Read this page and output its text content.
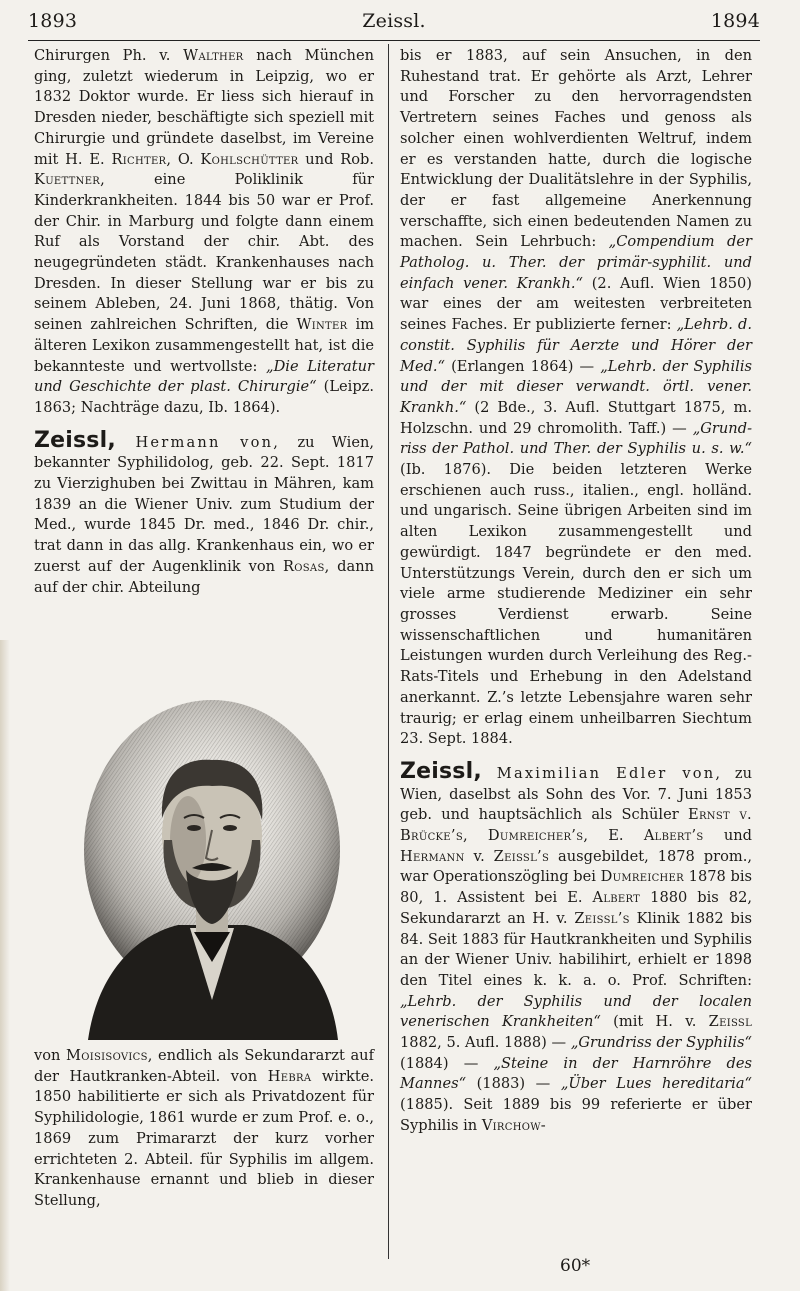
1893	Zeissl.	1894

Chirurgen Ph. v. Walther nach München ging, zuletzt wiederum in Leipzig, wo er 1832 Doktor wurde. Er liess sich hierauf in Dresden nieder, beschäftigte sich speziell mit Chirurgie und gründete daselbst, im Vereine mit H. E. Richter, O. Kohlschütter und Rob. Kuettner, eine Poliklinik für Kinderkrankheiten. 1844 bis 50 war er Prof. der Chir. in Marburg und folgte dann einem Ruf als Vorstand der chir. Abt. des neugegründeten städt. Krankenhauses nach Dresden. In dieser Stellung war er bis zu seinem Ableben, 24. Juni 1868, thätig. Von seinen zahlreichen Schriften, die Winter im älteren Lexikon zusammengestellt hat, ist die bekannteste und wertvollste: „Die Literatur und Geschichte der plast. Chirurgie“ (Leipz. 1863; Nachträge dazu, Ib. 1864).

Zeissl, Hermann von, zu Wien, bekannter Syphilidolog, geb. 22. Sept. 1817 zu Vierzighuben bei Zwittau in Mähren, kam 1839 an die Wiener Univ. zum Studium der Med., wurde 1845 Dr. med., 1846 Dr. chir., trat dann in das allg. Krankenhaus ein, wo er zuerst auf der Augenklinik von Rosas, dann auf der chir. Abteilung

von Moisisovics, endlich als Sekundararzt auf der Hautkranken-Abteil. von Hebra wirkte. 1850 habilitierte er sich als Privatdozent für Syphilidologie, 1861 wurde er zum Prof. e. o., 1869 zum Primararzt der kurz vorher errichteten 2. Abteil. für Syphilis im allgem. Krankenhause ernannt und blieb in dieser Stellung,

bis er 1883, auf sein Ansuchen, in den Ruhestand trat. Er gehörte als Arzt, Lehrer und Forscher zu den hervorragendsten Vertretern seines Faches und genoss als solcher einen wohlverdienten Weltruf, indem er es verstanden hatte, durch die logische Entwicklung der Dualitätslehre in der Syphilis, der er fast allgemeine Anerkennung verschaffte, sich einen bedeutenden Namen zu machen. Sein Lehrbuch: „Compendium der Patholog. u. Ther. der primär-syphilit. und einfach vener. Krankh.“ (2. Aufl. Wien 1850) war eines der am weitesten verbreiteten seines Faches. Er publizierte ferner: „Lehrb. d. constit. Syphilis für Aerzte und Hörer der Med.“ (Erlangen 1864) — „Lehrb. der Syphilis und der mit dieser verwandt. örtl. vener. Krankh.“ (2 Bde., 3. Aufl. Stuttgart 1875, m. Holzschn. und 29 chromolith. Taff.) — „Grundriss der Pathol. und Ther. der Syphilis u. s. w.“ (Ib. 1876). Die beiden letzteren Werke erschienen auch russ., italien., engl. holländ. und ungarisch. Seine übrigen Arbeiten sind im alten Lexikon zusammengestellt und gewürdigt. 1847 begründete er den med. Unterstützungs Verein, durch den er sich um viele arme studierende Mediziner ein sehr grosses Verdienst erwarb. Seine wissenschaftlichen und humanitären Leistungen wurden durch Verleihung des Reg.-Rats-Titels und Erhebung in den Adelstand anerkannt. Z.’s letzte Lebensjahre waren sehr traurig; er erlag einem unheilbarren Siechtum 23. Sept. 1884.

Zeissl, Maximilian Edler von, zu Wien, daselbst als Sohn des Vor. 7. Juni 1853 geb. und hauptsächlich als Schüler Ernst v. Brücke’s, Dumreicher’s, E. Albert’s und Hermann v. Zeissl’s ausgebildet, 1878 prom., war Operationszögling bei Dumreicher 1878 bis 80, 1. Assistent bei E. Albert 1880 bis 82, Sekundararzt an H. v. Zeissl’s Klinik 1882 bis 84. Seit 1883 für Hautkrankheiten und Syphilis an der Wiener Univ. habilihirt, erhielt er 1898 den Titel eines k. k. a. o. Prof. Schriften: „Lehrb. der Syphilis und der localen venerischen Krankheiten“ (mit H. v. Zeissl 1882, 5. Aufl. 1888) — „Grundriss der Syphilis“ (1884) — „Steine in der Harnröhre des Mannes“ (1883) — „Über Lues hereditaria“ (1885). Seit 1889 bis 99 referierte er über Syphilis in Virchow-

60*
